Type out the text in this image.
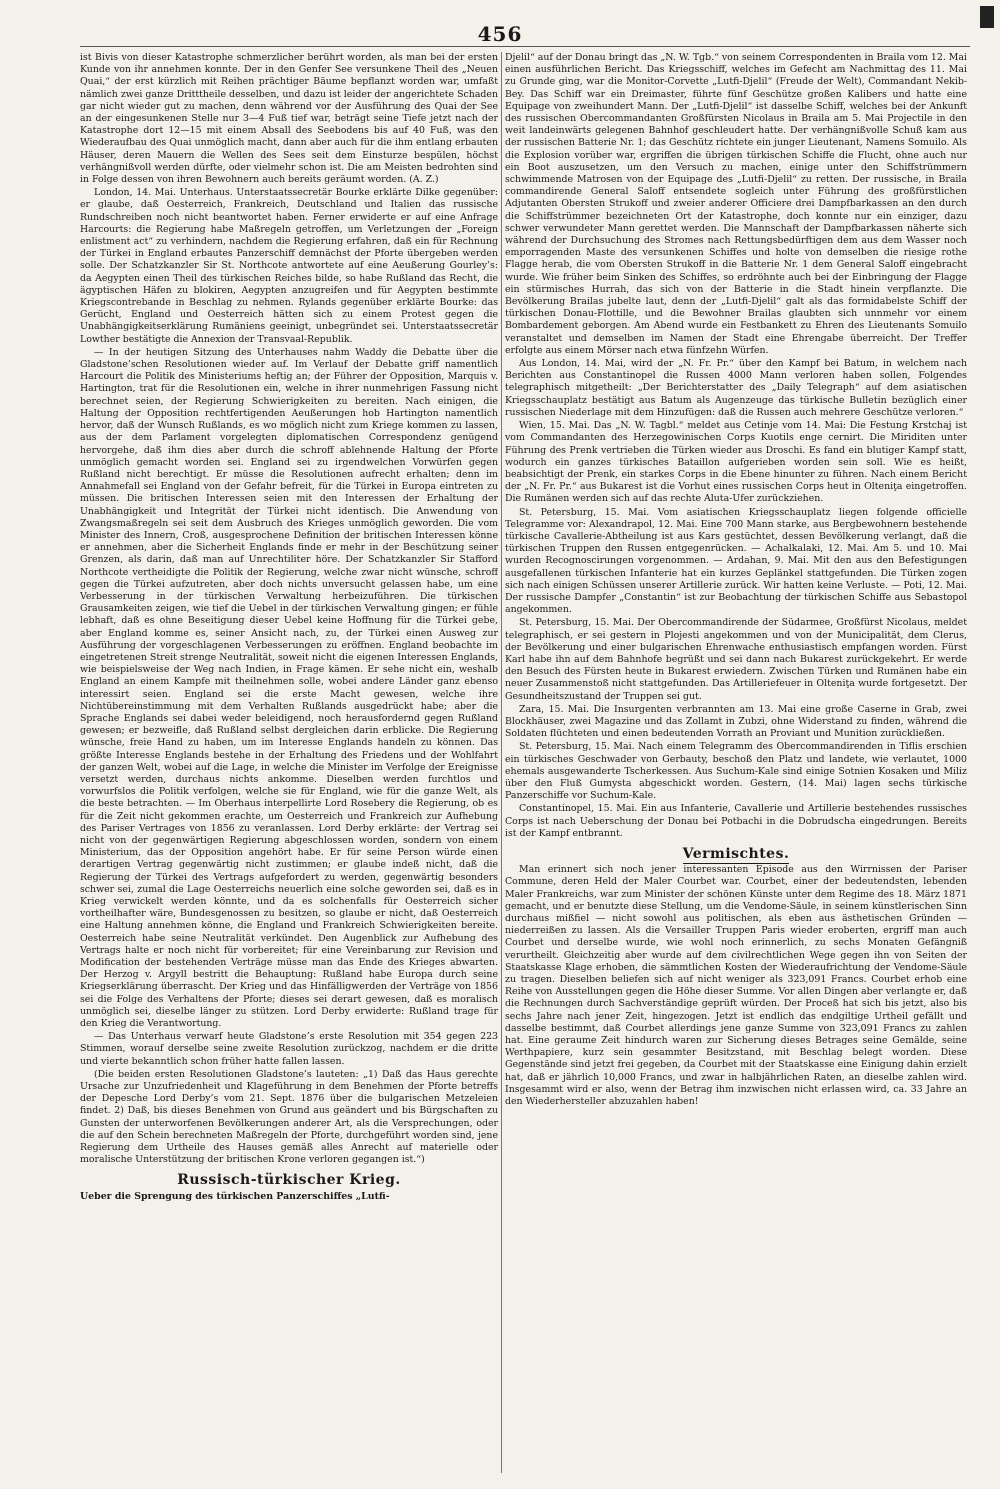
456

ist Bivis von dieser Katastrophe schmerzlicher berührt worden, als man bei der ersten Kunde von ihr annehmen konnte. Der in den Genfer See versunkene Theil des „Neuen Quai,“ der erst kürzlich mit Reihen prächtiger Bäume bepflanzt worden war, umfaßt nämlich zwei ganze Dritttheile desselben, und dazu ist leider der angerichtete Schaden gar nicht wieder gut zu machen, denn während vor der Ausführung des Quai der See an der eingesunkenen Stelle nur 3—4 Fuß tief war, beträgt seine Tiefe jetzt nach der Katastrophe dort 12—15 mit einem Absall des Seebodens bis auf 40 Fuß, was den Wiederaufbau des Quai unmöglich macht, dann aber auch für die ihm entlang erbauten Häuser, deren Mauern die Wellen des Sees seit dem Einsturze bespülen, höchst verhängnißvoll werden dürfte, oder vielmehr schon ist. Die am Meisten bedrohten sind in Folge dessen von ihren Bewohnern auch bereits geräumt worden. (A. Z.)

London, 14. Mai. Unterhaus. Unterstaatssecretär Bourke erklärte Dilke gegenüber: er glaube, daß Oesterreich, Frankreich, Deutschland und Italien das russische Rundschreiben noch nicht beantwortet haben. Ferner erwiderte er auf eine Anfrage Harcourts: die Regierung habe Maßregeln getroffen, um Verletzungen der „Foreign enlistment act“ zu verhindern, nachdem die Regierung erfahren, daß ein für Rechnung der Türkei in England erbautes Panzerschiff demnächst der Pforte übergeben werden solle. Der Schatzkanzler Sir St. Northcote antwortete auf eine Aeußerung Gourley’s: da Aegypten einen Theil des türkischen Reiches bilde, so habe Rußland das Recht, die ägyptischen Häfen zu blokiren, Aegypten anzugreifen und für Aegypten bestimmte Kriegscontrebande in Beschlag zu nehmen. Rylands gegenüber erklärte Bourke: das Gerücht, England und Oesterreich hätten sich zu einem Protest gegen die Unabhängigkeitserklärung Rumäniens geeinigt, unbegründet sei. Unterstaatssecretär Lowther bestätigte die Annexion der Transvaal-Republik.

— In der heutigen Sitzung des Unterhauses nahm Waddy die Debatte über die Gladstone’schen Resolutionen wieder auf. Im Verlauf der Debatte griff namentlich Harcourt die Politik des Ministeriums heftig an; der Führer der Opposition, Marquis v. Hartington, trat für die Resolutionen ein, welche in ihrer nunmehrigen Fassung nicht berechnet seien, der Regierung Schwierigkeiten zu bereiten. Nach einigen, die Haltung der Opposition rechtfertigenden Aeußerungen hob Hartington namentlich hervor, daß der Wunsch Rußlands, es wo möglich nicht zum Kriege kommen zu lassen, aus der dem Parlament vorgelegten diplomatischen Correspondenz genügend hervorgehe, daß ihm dies aber durch die schroff ablehnende Haltung der Pforte unmöglich gemacht worden sei. England sei zu irgendwelchen Vorwürfen gegen Rußland nicht berechtigt. Er müsse die Resolutionen aufrecht erhalten; denn im Annahmefall sei England von der Gefahr befreit, für die Türkei in Europa eintreten zu müssen. Die britischen Interessen seien mit den Interessen der Erhaltung der Unabhängigkeit und Integrität der Türkei nicht identisch. Die Anwendung von Zwangsmaßregeln sei seit dem Ausbruch des Krieges unmöglich geworden. Die vom Minister des Innern, Croß, ausgesprochene Definition der britischen Interessen könne er annehmen, aber die Sicherheit Englands finde er mehr in der Beschützung seiner Grenzen, als darin, daß man auf Unrechtiliter höre. Der Schatzkanzler Sir Stafford Northcote vertheidigte die Politik der Regierung, welche zwar nicht wünsche, schroff gegen die Türkei aufzutreten, aber doch nichts unversucht gelassen habe, um eine Verbesserung in der türkischen Verwaltung herbeizuführen. Die türkischen Grausamkeiten zeigen, wie tief die Uebel in der türkischen Verwaltung gingen; er fühle lebhaft, daß es ohne Beseitigung dieser Uebel keine Hoffnung für die Türkei gebe, aber England komme es, seiner Ansicht nach, zu, der Türkei einen Ausweg zur Ausführung der vorgeschlagenen Verbesserungen zu eröffnen. England beobachte im eingetretenen Streit strenge Neutralität, soweit nicht die eigenen Interessen Englands, wie beispielsweise der Weg nach Indien, in Frage kämen. Er sehe nicht ein, weshalb England an einem Kampfe mit theilnehmen solle, wobei andere Länder ganz ebenso interessirt seien. England sei die erste Macht gewesen, welche ihre Nichtübereinstimmung mit dem Verhalten Rußlands ausgedrückt habe; aber die Sprache Englands sei dabei weder beleidigend, noch herausfordernd gegen Rußland gewesen; er bezweifle, daß Rußland selbst dergleichen darin erblicke. Die Regierung wünsche, freie Hand zu haben, um im Interesse Englands handeln zu können. Das größte Interesse Englands bestehe in der Erhaltung des Friedens und der Wohlfahrt der ganzen Welt, wobei auf die Lage, in welche die Minister im Verfolge der Ereignisse versetzt werden, durchaus nichts ankomme. Dieselben werden furchtlos und vorwurfslos die Politik verfolgen, welche sie für England, wie für die ganze Welt, als die beste betrachten. — Im Oberhaus interpellirte Lord Rosebery die Regierung, ob es für die Zeit nicht gekommen erachte, um Oesterreich und Frankreich zur Aufhebung des Pariser Vertrages von 1856 zu veranlassen. Lord Derby erklärte: der Vertrag sei nicht von der gegenwärtigen Regierung abgeschlossen worden, sondern von einem Ministerium, das der Opposition angehört habe. Er für seine Person würde einen derartigen Vertrag gegenwärtig nicht zustimmen; er glaube indeß nicht, daß die Regierung der Türkei des Vertrags aufgefordert zu werden, gegenwärtig besonders schwer sei, zumal die Lage Oesterreichs neuerlich eine solche geworden sei, daß es in Krieg verwickelt werden könnte, und da es solchenfalls für Oesterreich sicher vortheilhafter wäre, Bundesgenossen zu besitzen, so glaube er nicht, daß Oesterreich eine Haltung annehmen könne, die England und Frankreich Schwierigkeiten bereite. Oesterreich habe seine Neutralität verkündet. Den Augenblick zur Aufhebung des Vertrags halte er noch nicht für vorbereitet; für eine Vereinbarung zur Revision und Modification der bestehenden Verträge müsse man das Ende des Krieges abwarten. Der Herzog v. Argyll bestritt die Behauptung: Rußland habe Europa durch seine Kriegserklärung überrascht. Der Krieg und das Hinfälligwerden der Verträge von 1856 sei die Folge des Verhaltens der Pforte; dieses sei derart gewesen, daß es moralisch unmöglich sei, dieselbe länger zu stützen. Lord Derby erwiderte: Rußland trage für den Krieg die Verantwortung.

— Das Unterhaus verwarf heute Gladstone’s erste Resolution mit 354 gegen 223 Stimmen, worauf derselbe seine zweite Resolution zurückzog, nachdem er die dritte und vierte bekanntlich schon früher hatte fallen lassen.

(Die beiden ersten Resolutionen Gladstone’s lauteten: „1) Daß das Haus gerechte Ursache zur Unzufriedenheit und Klageführung in dem Benehmen der Pforte betreffs der Depesche Lord Derby’s vom 21. Sept. 1876 über die bulgarischen Metzeleien findet. 2) Daß, bis dieses Benehmen von Grund aus geändert und bis Bürgschaften zu Gunsten der unterworfenen Bevölkerungen anderer Art, als die Versprechungen, oder die auf den Schein berechneten Maßregeln der Pforte, durchgeführt worden sind, jene Regierung dem Urtheile des Hauses gemäß alles Anrecht auf materielle oder moralische Unterstützung der britischen Krone verloren gegangen ist.“)

Russisch-türkischer Krieg.

Ueber die Sprengung des türkischen Panzerschiffes „Lutfi-

Djelil“ auf der Donau bringt das „N. W. Tgb.“ von seinem Correspondenten in Braila vom 12. Mai einen ausführlichen Bericht. Das Kriegsschiff, welches im Gefecht am Nachmittag des 11. Mai zu Grunde ging, war die Monitor-Corvette „Lutfi-Djelil“ (Freude der Welt), Commandant Nekib-Bey. Das Schiff war ein Dreimaster, führte fünf Geschütze großen Kalibers und hatte eine Equipage von zweihundert Mann. Der „Lutfi-Djelil“ ist dasselbe Schiff, welches bei der Ankunft des russischen Obercommandanten Großfürsten Nicolaus in Braila am 5. Mai Projectile in den weit landeinwärts gelegenen Bahnhof geschleudert hatte. Der verhängnißvolle Schuß kam aus der russischen Batterie Nr. 1; das Geschütz richtete ein junger Lieutenant, Namens Somuilo. Als die Explosion vorüber war, ergriffen die übrigen türkischen Schiffe die Flucht, ohne auch nur ein Boot auszusetzen, um den Versuch zu machen, einige unter den Schiffstrümmern schwimmende Matrosen von der Equipage des „Lutfi-Djelil“ zu retten. Der russische, in Braila commandirende General Saloff entsendete sogleich unter Führung des großfürstlichen Adjutanten Obersten Strukoff und zweier anderer Officiere drei Dampfbarkassen an den durch die Schiffstrümmer bezeichneten Ort der Katastrophe, doch konnte nur ein einziger, dazu schwer verwundeter Mann gerettet werden. Die Mannschaft der Dampfbarkassen näherte sich während der Durchsuchung des Stromes nach Rettungsbedürftigen dem aus dem Wasser noch emporragenden Maste des versunkenen Schiffes und holte von demselben die riesige rothe Flagge herab, die vom Obersten Strukoff in die Batterie Nr. 1 dem General Saloff eingebracht wurde. Wie früher beim Sinken des Schiffes, so erdröhnte auch bei der Einbringung der Flagge ein stürmisches Hurrah, das sich von der Batterie in die Stadt hinein verpflanzte. Die Bevölkerung Brailas jubelte laut, denn der „Lutfi-Djelil“ galt als das formidabelste Schiff der türkischen Donau-Flottille, und die Bewohner Brailas glaubten sich unnmehr vor einem Bombardement geborgen. Am Abend wurde ein Festbankett zu Ehren des Lieutenants Somuilo veranstaltet und demselben im Namen der Stadt eine Ehrengabe überreicht. Der Treffer erfolgte aus einem Mörser nach etwa fünfzehn Würfen.

Aus London, 14. Mai, wird der „N. Fr. Pr.“ über den Kampf bei Batum, in welchem nach Berichten aus Constantinopel die Russen 4000 Mann verloren haben sollen, Folgendes telegraphisch mitgetheilt: „Der Berichterstatter des „Daily Telegraph“ auf dem asiatischen Kriegsschauplatz bestätigt aus Batum als Augenzeuge das türkische Bulletin bezüglich einer russischen Niederlage mit dem Hinzufügen: daß die Russen auch mehrere Geschütze verloren.“

Wien, 15. Mai. Das „N. W. Tagbl.“ meldet aus Cetinje vom 14. Mai: Die Festung Krstchaj ist vom Commandanten des Herzegowinischen Corps Kuotils enge cernirt. Die Miriditen unter Führung des Prenk vertrieben die Türken wieder aus Droschi. Es fand ein blutiger Kampf statt, wodurch ein ganzes türkisches Bataillon aufgerieben worden sein soll. Wie es heißt, beabsichtigt der Prenk, ein starkes Corps in die Ebene hinunter zu führen. Nach einem Bericht der „N. Fr. Pr.“ aus Bukarest ist die Vorhut eines russischen Corps heut in Olteniţa eingetroffen. Die Rumänen werden sich auf das rechte Aluta-Ufer zurückziehen.

St. Petersburg, 15. Mai. Vom asiatischen Kriegsschauplatz liegen folgende officielle Telegramme vor: Alexandrapol, 12. Mai. Eine 700 Mann starke, aus Bergbewohnern bestehende türkische Cavallerie-Abtheilung ist aus Kars gestüchtet, dessen Bevölkerung verlangt, daß die türkischen Truppen den Russen entgegenrücken. — Achalkalaki, 12. Mai. Am 5. und 10. Mai wurden Recognoscirungen vorgenommen. — Ardahan, 9. Mai. Mit den aus den Befestigungen ausgefallenen türkischen Infanterie hat ein kurzes Geplänkel stattgefunden. Die Türken zogen sich nach einigen Schüssen unserer Artillerie zurück. Wir hatten keine Verluste. — Poti, 12. Mai. Der russische Dampfer „Constantin“ ist zur Beobachtung der türkischen Schiffe aus Sebastopol angekommen.

St. Petersburg, 15. Mai. Der Obercommandirende der Südarmee, Großfürst Nicolaus, meldet telegraphisch, er sei gestern in Plojesti angekommen und von der Municipalität, dem Clerus, der Bevölkerung und einer bulgarischen Ehrenwache enthusiastisch empfangen worden. Fürst Karl habe ihn auf dem Bahnhofe begrüßt und sei dann nach Bukarest zurückgekehrt. Er werde den Besuch des Fürsten heute in Bukarest erwiedern. Zwischen Türken und Rumänen habe ein neuer Zusammenstoß nicht stattgefunden. Das Artilleriefeuer in Olteniţa wurde fortgesetzt. Der Gesundheitszustand der Truppen sei gut.

Zara, 15. Mai. Die Insurgenten verbrannten am 13. Mai eine große Caserne in Grab, zwei Blockhäuser, zwei Magazine und das Zollamt in Zubzi, ohne Widerstand zu finden, während die Soldaten flüchteten und einen bedeutenden Vorrath an Proviant und Munition zurückließen.

St. Petersburg, 15. Mai. Nach einem Telegramm des Obercommandirenden in Tiflis erschien ein türkisches Geschwader von Gerbauty, beschoß den Platz und landete, wie verlautet, 1000 ehemals ausgewanderte Tscherkessen. Aus Suchum-Kale sind einige Sotnien Kosaken und Miliz über den Fluß Gumysta abgeschickt worden. Gestern, (14. Mai) lagen sechs türkische Panzerschiffe vor Suchum-Kale.

Constantinopel, 15. Mai. Ein aus Infanterie, Cavallerie und Artillerie bestehendes russisches Corps ist nach Ueberschung der Donau bei Potbachi in die Dobrudscha eingedrungen. Bereits ist der Kampf entbrannt.

Vermischtes.

Man erinnert sich noch jener interessanten Episode aus den Wirrnissen der Pariser Commune, deren Held der Maler Courbet war. Courbet, einer der bedeutendsten, lebenden Maler Frankreichs, war zum Minister der schönen Künste unter dem Regime des 18. März 1871 gemacht, und er benutzte diese Stellung, um die Vendome-Säule, in seinem künstlerischen Sinn durchaus mißfiel — nicht sowohl aus politischen, als eben aus ästhetischen Gründen — niederreißen zu lassen. Als die Versailler Truppen Paris wieder eroberten, ergriff man auch Courbet und derselbe wurde, wie wohl noch erinnerlich, zu sechs Monaten Gefängniß verurtheilt. Gleichzeitig aber wurde auf dem civilrechtlichen Wege gegen ihn von Seiten der Staatskasse Klage erhoben, die sämmtlichen Kosten der Wiederaufrichtung der Vendome-Säule zu tragen. Dieselben beliefen sich auf nicht weniger als 323,091 Francs. Courbet erhob eine Reihe von Ausstellungen gegen die Höhe dieser Summe. Vor allen Dingen aber verlangte er, daß die Rechnungen durch Sachverständige geprüft würden. Der Proceß hat sich bis jetzt, also bis sechs Jahre nach jener Zeit, hingezogen. Jetzt ist endlich das endgiltige Urtheil gefällt und dasselbe bestimmt, daß Courbet allerdings jene ganze Summe von 323,091 Francs zu zahlen hat. Eine geraume Zeit hindurch waren zur Sicherung dieses Betrages seine Gemälde, seine Werthpapiere, kurz sein gesammter Besitzstand, mit Beschlag belegt worden. Diese Gegenstände sind jetzt frei gegeben, da Courbet mit der Staatskasse eine Einigung dahin erzielt hat, daß er jährlich 10,000 Francs, und zwar in halbjährlichen Raten, an dieselbe zahlen wird. Insgesammt wird er also, wenn der Betrag ihm inzwischen nicht erlassen wird, ca. 33 Jahre an den Wiederhersteller abzuzahlen haben!
